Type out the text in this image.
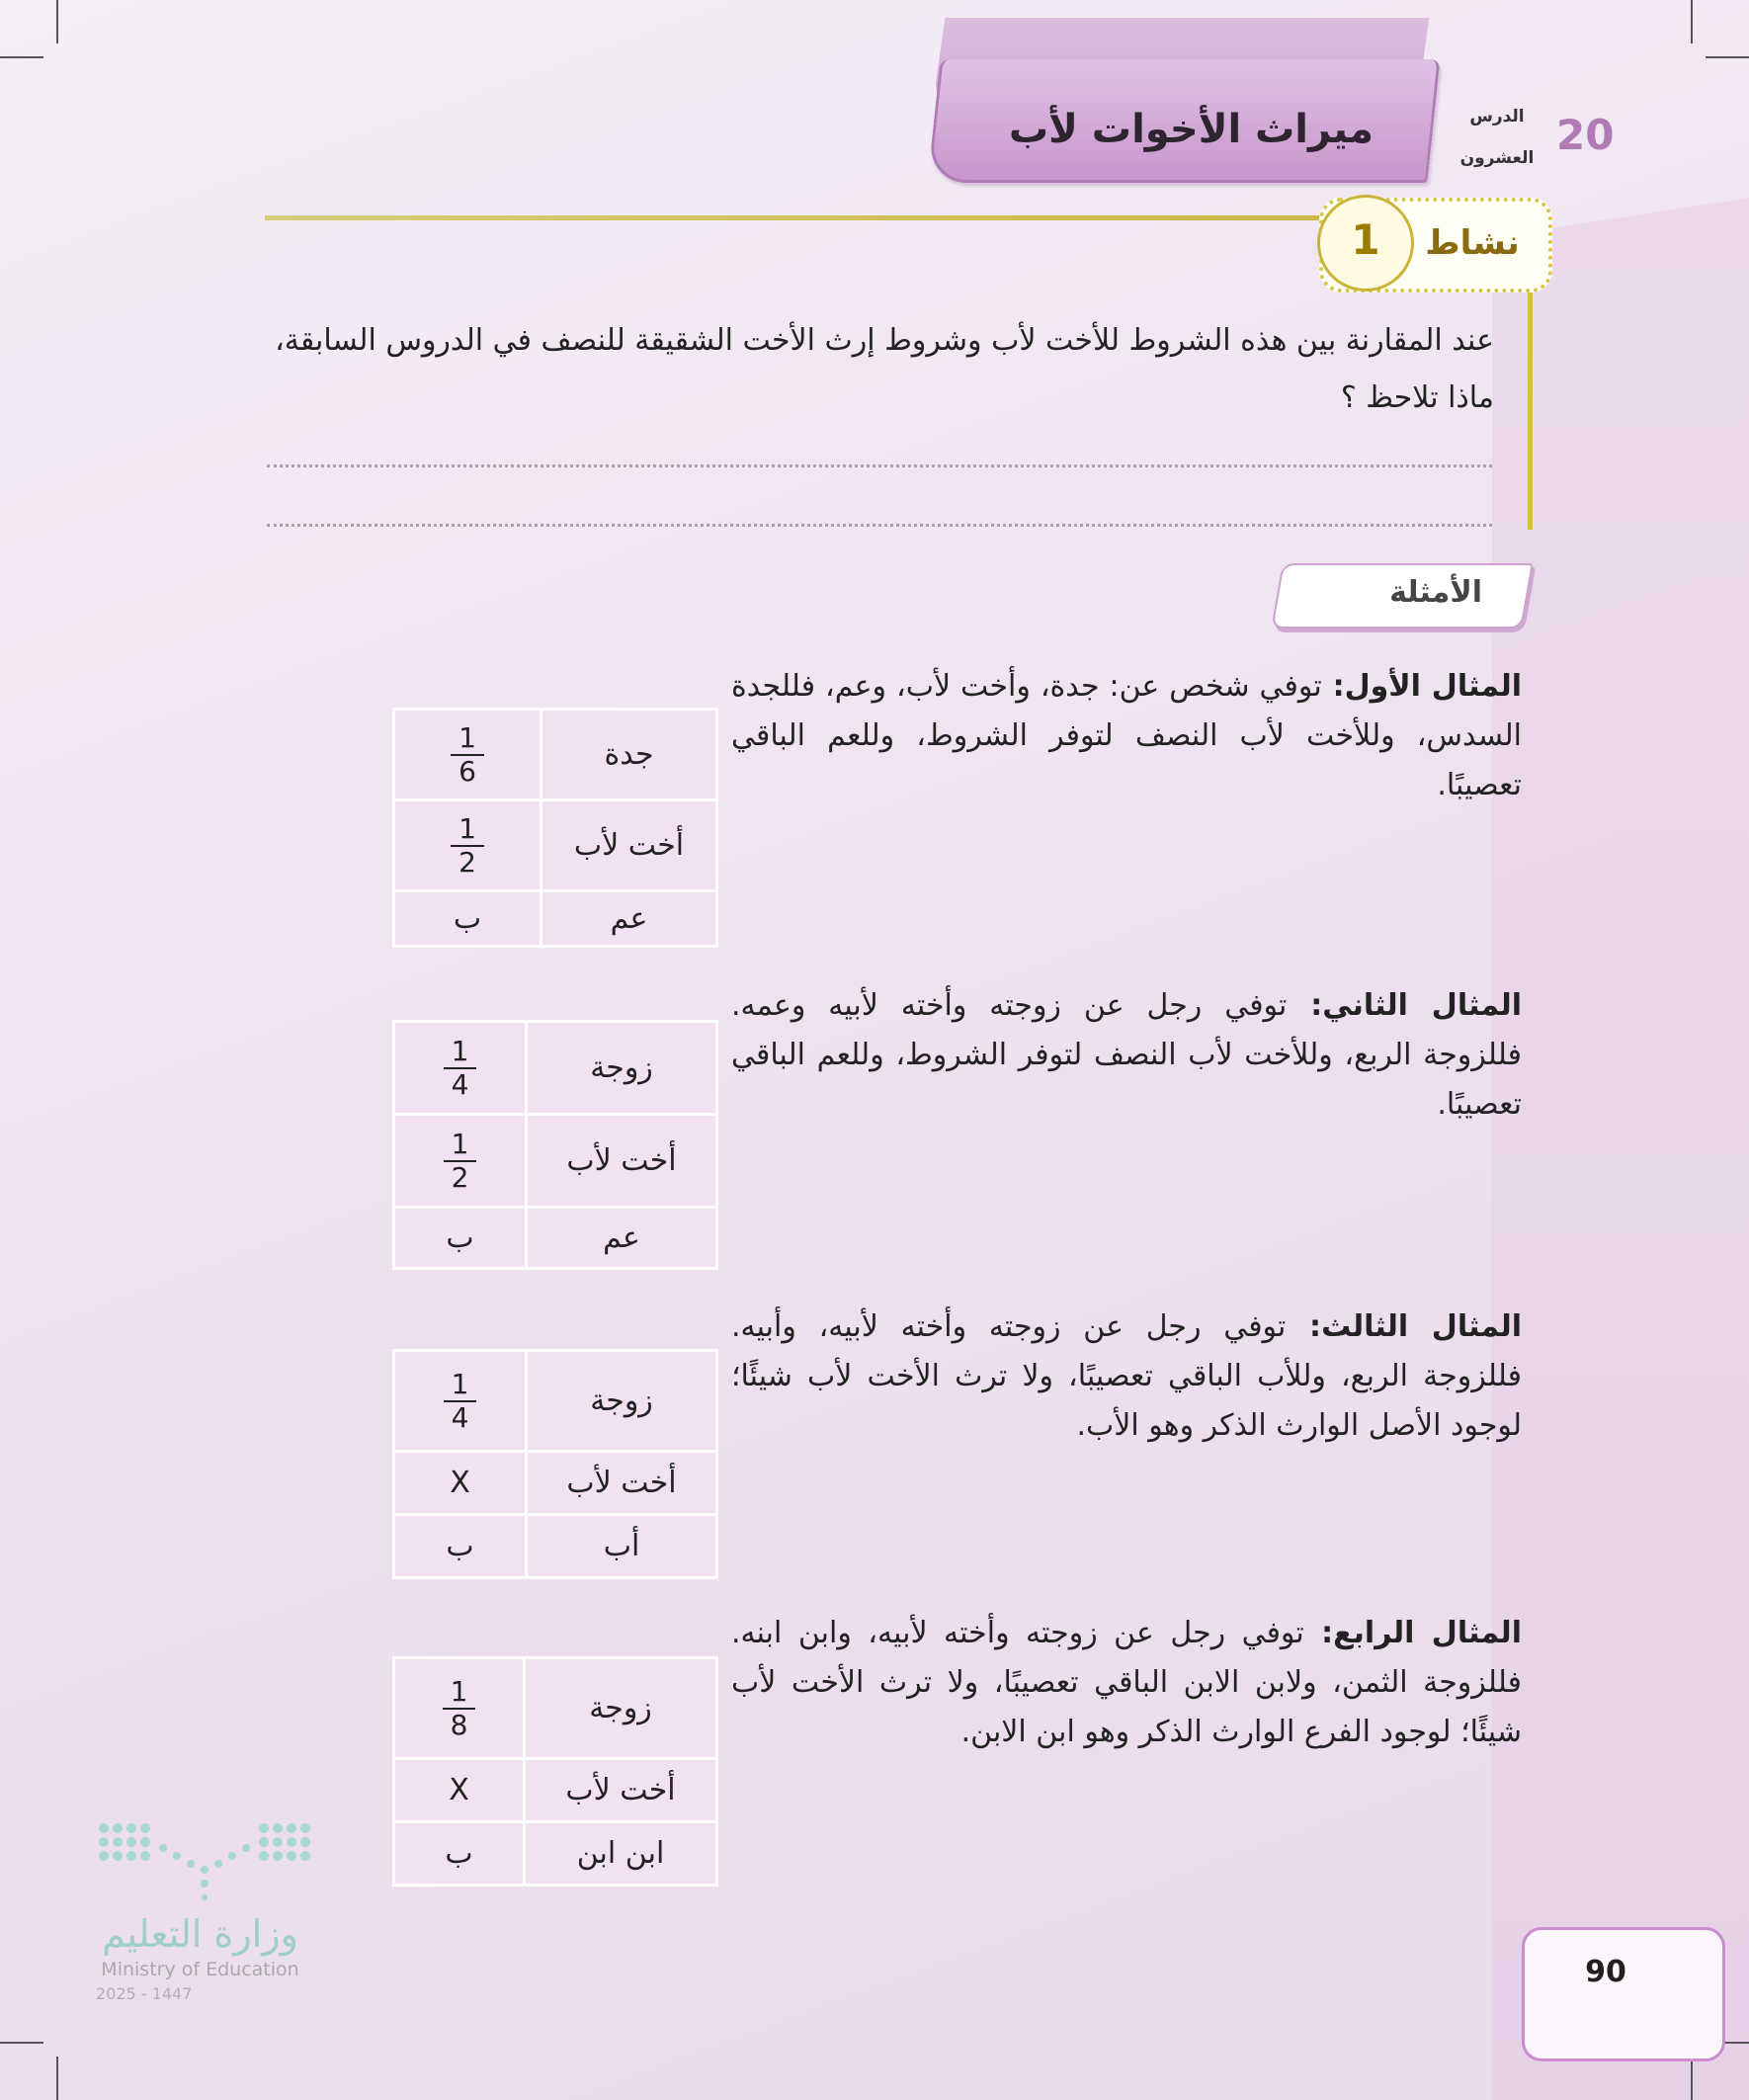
ميراث الأخوات لأب	الدرس
العشرون 20
1	نشاط
عند المقارنة بين هذه الشروط للأخت لأب وشروط إرث الأخت الشقيقة للنصف في الدروس السابقة،
ماذا تلاحظ ؟
الأمثلة
المثال الأول: توفي شخص عن: جدة، وأخت لأب، وعم، فللجدة السدس، وللأخت لأب النصف لتوفر الشروط، وللعم الباقي تعصيبًا.
جدة	$\frac{1}{6}$

أخت لأب	$\frac{1}{2}$

عم	ب
المثال الثاني: توفي رجل عن زوجته وأخته لأبيه وعمه. فللزوجة الربع، وللأخت لأب النصف لتوفر الشروط، وللعم الباقي تعصيبًا.
زوجة	$\frac{1}{4}$

أخت لأب	$\frac{1}{2}$

عم	ب
المثال الثالث: توفي رجل عن زوجته وأخته لأبيه، وأبيه. فللزوجة الربع، وللأب الباقي تعصيبًا، ولا ترث الأخت لأب شيئًا؛ لوجود الأصل الوارث الذكر وهو الأب.
زوجة	$\frac{1}{4}$

أخت لأب	X
أب	ب
المثال الرابع: توفي رجل عن زوجته وأخته لأبيه، وابن ابنه. فللزوجة الثمن، ولابن الابن الباقي تعصيبًا، ولا ترث الأخت لأب شيئًا؛ لوجود الفرع الوارث الذكر وهو ابن الابن.
زوجة	$\frac{1}{8}$

أخت لأب	X
ابن ابن	ب
وزارة التعليم
Ministry of Education
2025 - 1447
90
